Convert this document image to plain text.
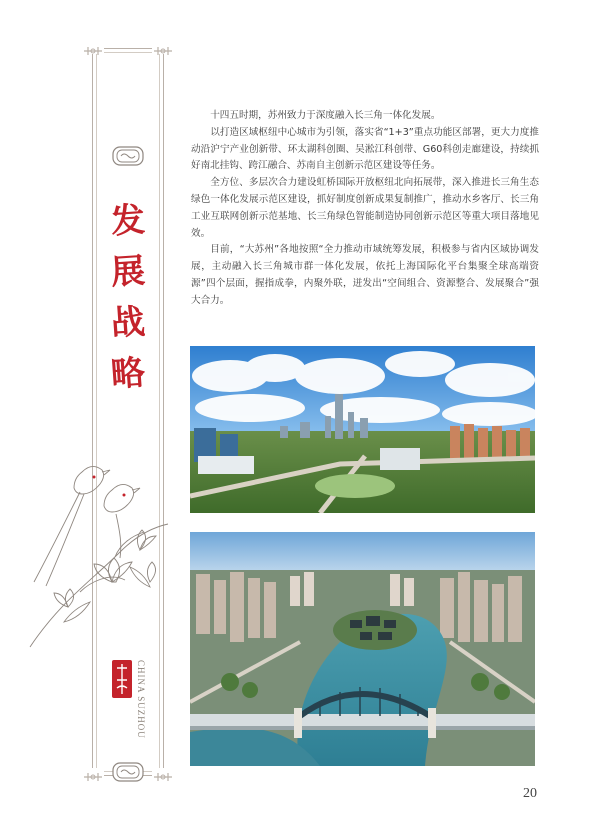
发
展
战
略
CHINA SUZHOU

十四五时期，苏州致力于深度融入长三角一体化发展。

以打造区域枢纽中心城市为引领，落实省“1+3”重点功能区部署，更大力度推动沿沪宁产业创新带、环太湖科创圈、吴淞江科创带、G60科创走廊建设，持续抓好南北挂钩、跨江融合、苏南自主创新示范区建设等任务。

全方位、多层次合力建设虹桥国际开放枢纽北向拓展带，深入推进长三角生态绿色一体化发展示范区建设，抓好制度创新成果复制推广，推动水乡客厅、长三角工业互联网创新示范基地、长三角绿色智能制造协同创新示范区等重大项目落地见效。

目前，“大苏州”各地按照“全力推动市域统筹发展，积极参与省内区域协调发展，主动融入长三角城市群一体化发展，依托上海国际化平台集聚全球高端资源”四个层面，握指成拳，内聚外联，迸发出“空间组合、资源整合、发展聚合”强大合力。

20
